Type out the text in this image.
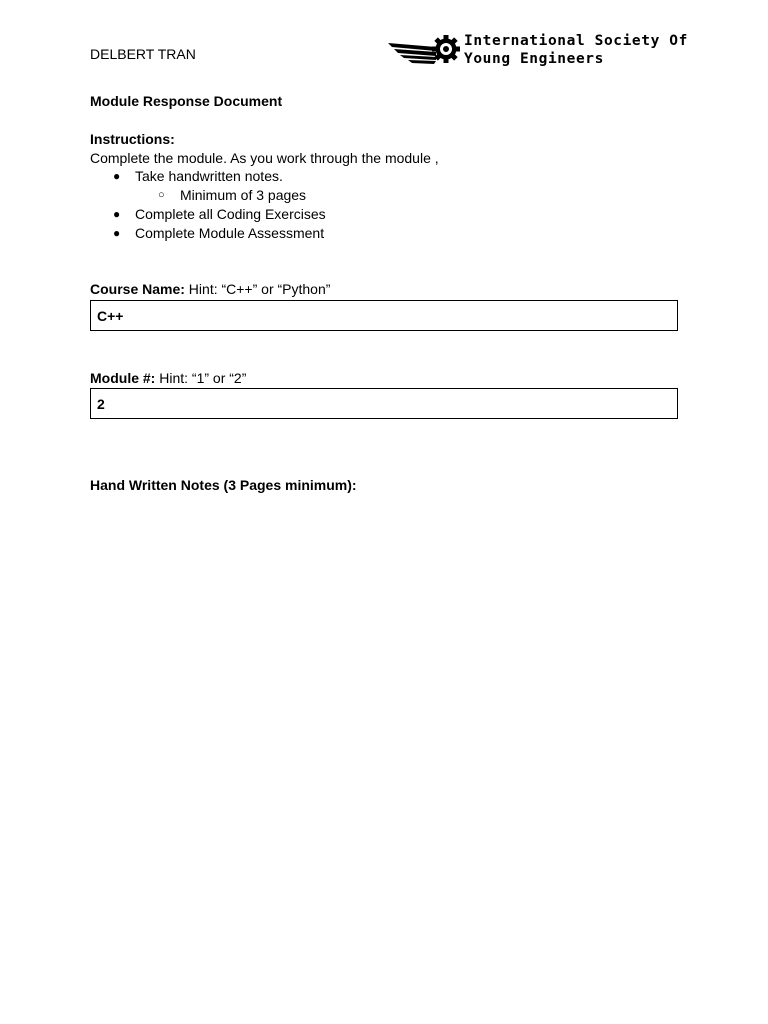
DELBERT TRAN
International Society Of
Young Engineers
Module Response Document
Instructions:
Complete the module. As you work through the module ,
● Take handwritten notes.
○ Minimum of 3 pages
● Complete all Coding Exercises
● Complete Module Assessment
Course Name: Hint: “C++” or “Python”
C++
Module #: Hint: “1” or “2”
2
Hand Written Notes (3 Pages minimum):
